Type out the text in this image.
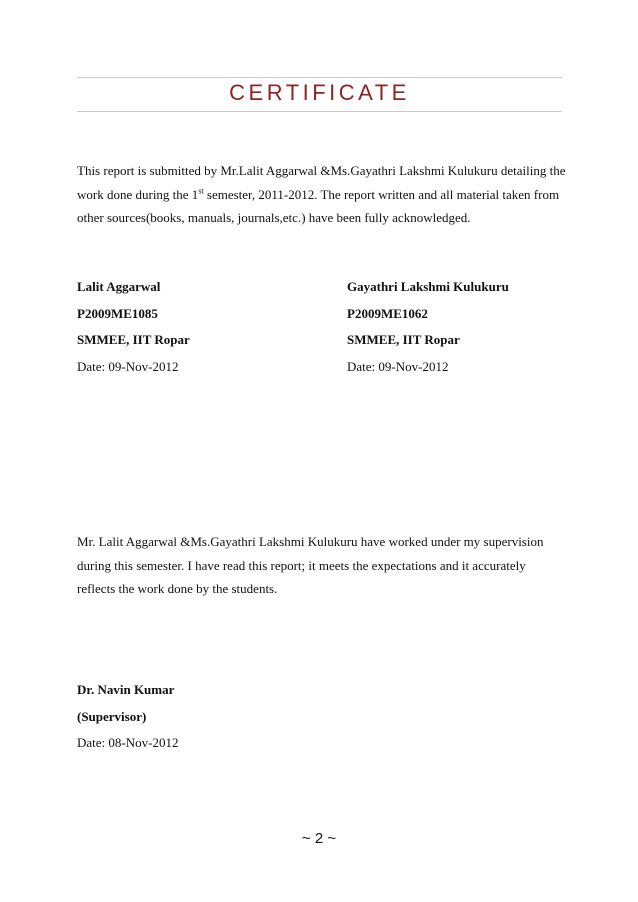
CERTIFICATE

This report is submitted by Mr.Lalit Aggarwal &Ms.Gayathri Lakshmi Kulukuru detailing the work done during the 1st semester, 2011-2012. The report written and all material taken from other sources(books, manuals, journals,etc.) have been fully acknowledged.

Lalit Aggarwal
P2009ME1085
SMMEE, IIT Ropar
Date: 09-Nov-2012
Gayathri Lakshmi Kulukuru
P2009ME1062
SMMEE, IIT Ropar
Date: 09-Nov-2012

Mr. Lalit Aggarwal &Ms.Gayathri Lakshmi Kulukuru have worked under my supervision during this semester. I have read this report; it meets the expectations and it accurately reflects the work done by the students.

Dr. Navin Kumar
(Supervisor)
Date: 08-Nov-2012
~ 2 ~
